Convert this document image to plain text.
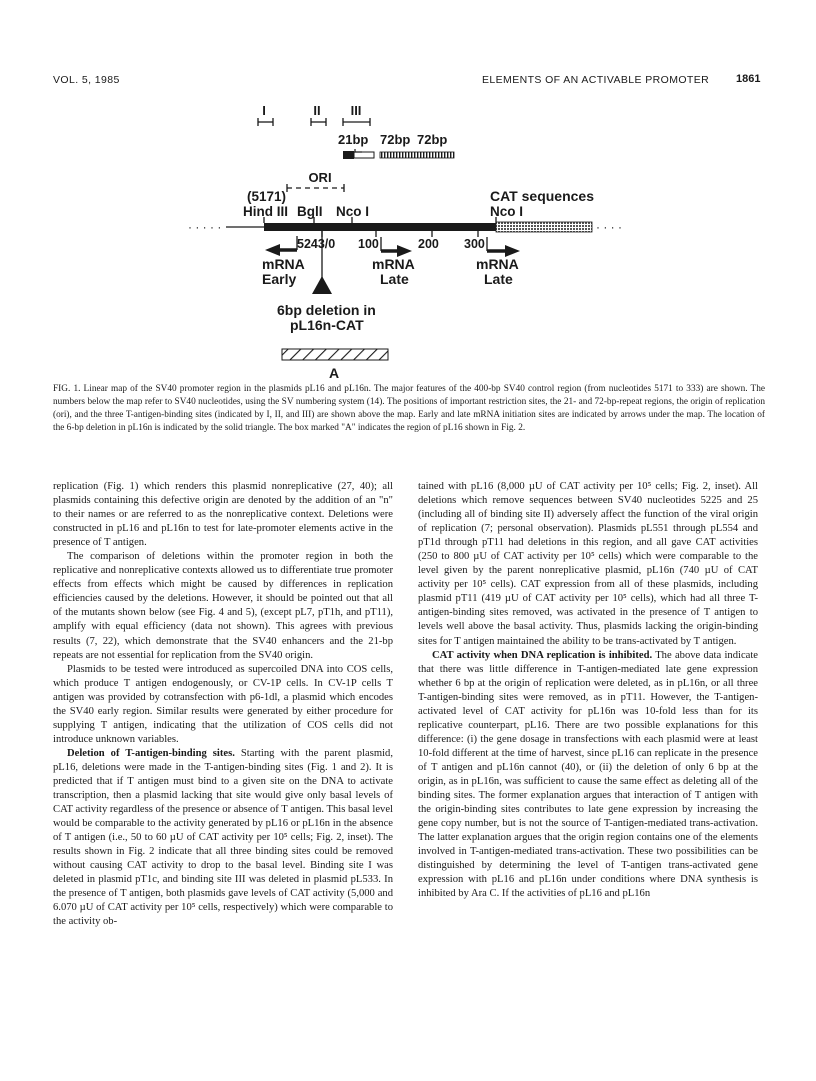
VOL. 5, 1985	ELEMENTS OF AN ACTIVABLE PROMOTER 1861
I	II III
21bp 72bp 72bp
ORI
(5171)
Hind III BglI Nco I	Nco I
CAT sequences
· · · · ·	· · · ·
5243/0 100	200 300
mRNA
Early
mRNA
Late
mRNA
Late
6bp deletion in
pL16n-CAT
A

FIG. 1. Linear map of the SV40 promoter region in the plasmids pL16 and pL16n. The major features of the 400-bp SV40 control region (from nucleotides 5171 to 333) are shown. The numbers below the map refer to SV40 nucleotides, using the SV numbering system (14). The positions of important restriction sites, the 21- and 72-bp-repeat regions, the origin of replication (ori), and the three T-antigen-binding sites (indicated by I, II, and III) are shown above the map. Early and late mRNA initiation sites are indicated by arrows under the map. The location of the 6-bp deletion in pL16n is indicated by the solid triangle. The box marked "A" indicates the region of pL16 shown in Fig. 2.

replication (Fig. 1) which renders this plasmid nonreplicative (27, 40); all plasmids containing this defective origin are denoted by the addition of an "n" to their names or are referred to as the nonreplicative context. Deletions were constructed in pL16 and pL16n to test for late-promoter elements active in the presence of T antigen.

The comparison of deletions within the promoter region in both the replicative and nonreplicative contexts allowed us to differentiate true promoter effects from effects which might be caused by differences in replication efficiencies caused by the deletions. However, it should be pointed out that all of the mutants shown below (see Fig. 4 and 5), (except pL7, pT1h, and pT11), amplify with equal efficiency (data not shown). This agrees with previous results (7, 22), which demonstrate that the SV40 enhancers and the 21-bp repeats are not essential for replication from the SV40 origin.

Plasmids to be tested were introduced as supercoiled DNA into COS cells, which produce T antigen endogenously, or CV-1P cells. In CV-1P cells T antigen was provided by cotransfection with p6-1dl, a plasmid which encodes the SV40 early region. Similar results were generated by either procedure for supplying T antigen, indicating that the utilization of COS cells did not introduce unknown variables.

Deletion of T-antigen-binding sites. Starting with the parent plasmid, pL16, deletions were made in the T-antigen-binding sites (Fig. 1 and 2). It is predicted that if T antigen must bind to a given site on the DNA to activate transcription, then a plasmid lacking that site would give only basal levels of CAT activity regardless of the presence or absence of T antigen. This basal level would be comparable to the activity generated by pL16 or pL16n in the absence of T antigen (i.e., 50 to 60 µU of CAT activity per 10⁵ cells; Fig. 2, inset). The results shown in Fig. 2 indicate that all three binding sites could be removed without causing CAT activity to drop to the basal level. Binding site I was deleted in plasmid pT1c, and binding site III was deleted in plasmid pL533. In the presence of T antigen, both plasmids gave levels of CAT activity (5,000 and 6.070 µU of CAT activity per 10⁵ cells, respectively) which were comparable to the activity ob-

tained with pL16 (8,000 µU of CAT activity per 10⁵ cells; Fig. 2, inset). All deletions which remove sequences between SV40 nucleotides 5225 and 25 (including all of binding site II) adversely affect the function of the viral origin of replication (7; personal observation). Plasmids pL551 through pL554 and pT1d through pT11 had deletions in this region, and all gave CAT activities (250 to 800 µU of CAT activity per 10⁵ cells) which were comparable to the level given by the parent nonreplicative plasmid, pL16n (740 µU of CAT activity per 10⁵ cells). CAT expression from all of these plasmids, including plasmid pT11 (419 µU of CAT activity per 10⁵ cells), which had all three T-antigen-binding sites removed, was activated in the presence of T antigen to levels well above the basal activity. Thus, plasmids lacking the origin-binding sites for T antigen maintained the ability to be trans-activated by T antigen.

CAT activity when DNA replication is inhibited. The above data indicate that there was little difference in T-antigen-mediated late gene expression whether 6 bp at the origin of replication were deleted, as in pL16n, or all three T-antigen-binding sites were removed, as in pT11. However, the T-antigen-activated level of CAT activity for pL16n was 10-fold less than for its replicative counterpart, pL16. There are two possible explanations for this difference: (i) the gene dosage in transfections with each plasmid were at least 10-fold different at the time of harvest, since pL16 can replicate in the presence of T antigen and pL16n cannot (40), or (ii) the deletion of only 6 bp at the origin, as in pL16n, was sufficient to cause the same effect as deleting all of the binding sites. The former explanation argues that interaction of T antigen with the origin-binding sites contributes to late gene expression by increasing the gene copy number, but is not the source of T-antigen-mediated trans-activation. The latter explanation argues that the origin region contains one of the elements involved in T-antigen-mediated trans-activation. These two possibilities can be distinguished by determining the level of T-antigen trans-activated gene expression with pL16 and pL16n under conditions where DNA synthesis is inhibited by Ara C. If the activities of pL16 and pL16n
